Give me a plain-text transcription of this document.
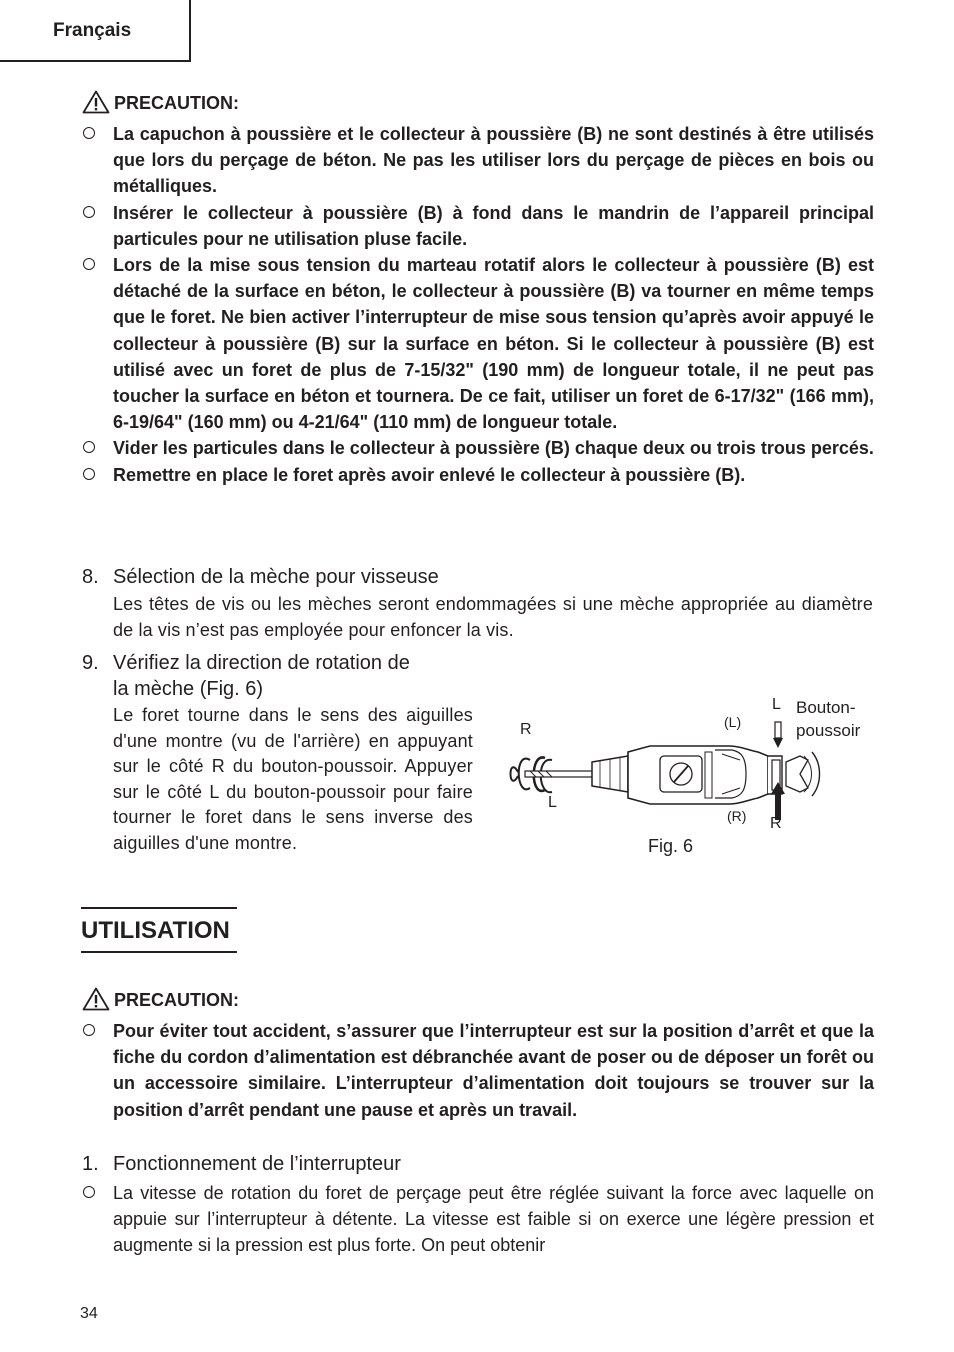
Français
PRECAUTION:
La capuchon à poussière et le collecteur à poussière (B) ne sont destinés à être utilisés que lors du perçage de béton. Ne pas les utiliser lors du perçage de pièces en bois ou métalliques.
Insérer le collecteur à poussière (B) à fond dans le mandrin de l’appareil principal particules pour ne utilisation pluse facile.
Lors de la mise sous tension du marteau rotatif alors le collecteur à poussière (B) est détaché de la surface en béton, le collecteur à poussière (B) va tourner en même temps que le foret. Ne bien activer l’interrupteur de mise sous tension qu’après avoir appuyé le collecteur à poussière (B) sur la surface en béton. Si le collecteur à poussière (B) est utilisé avec un foret de plus de 7-15/32" (190 mm) de longueur totale, il ne peut pas toucher la surface en béton et tournera. De ce fait, utiliser un foret de 6-17/32" (166 mm), 6-19/64" (160 mm) ou 4-21/64" (110 mm) de longueur totale.
Vider les particules dans le collecteur à poussière (B) chaque deux ou trois trous percés.
Remettre en place le foret après avoir enlevé le collecteur à poussière (B).
8. Sélection de la mèche pour visseuse
Les têtes de vis ou les mèches seront endommagées si une mèche appropriée au diamètre de la vis n’est pas employée pour enfoncer la vis.
9. Vérifiez la direction de rotation de
la mèche (Fig. 6)
Le foret tourne dans le sens des aiguilles d'une montre (vu de l'arrière) en appuyant sur le côté R du bouton-poussoir. Appuyer sur le côté L du bouton-poussoir pour faire tourner le foret dans le sens inverse des aiguilles d'une montre.
R
L
L
(L)
(R) R
Bouton-
poussoir
Fig. 6
UTILISATION
PRECAUTION:
Pour éviter tout accident, s’assurer que l’interrupteur est sur la position d’arrêt et que la fiche du cordon d’alimentation est débranchée avant de poser ou de déposer un forêt ou un accessoire similaire. L’interrupteur d’alimentation doit toujours se trouver sur la position d’arrêt pendant une pause et après un travail.
1. Fonctionnement de l’interrupteur
La vitesse de rotation du foret de perçage peut être réglée suivant la force avec laquelle on appuie sur l’interrupteur à détente. La vitesse est faible si on exerce une légère pression et augmente si la pression est plus forte. On peut obtenir
34
